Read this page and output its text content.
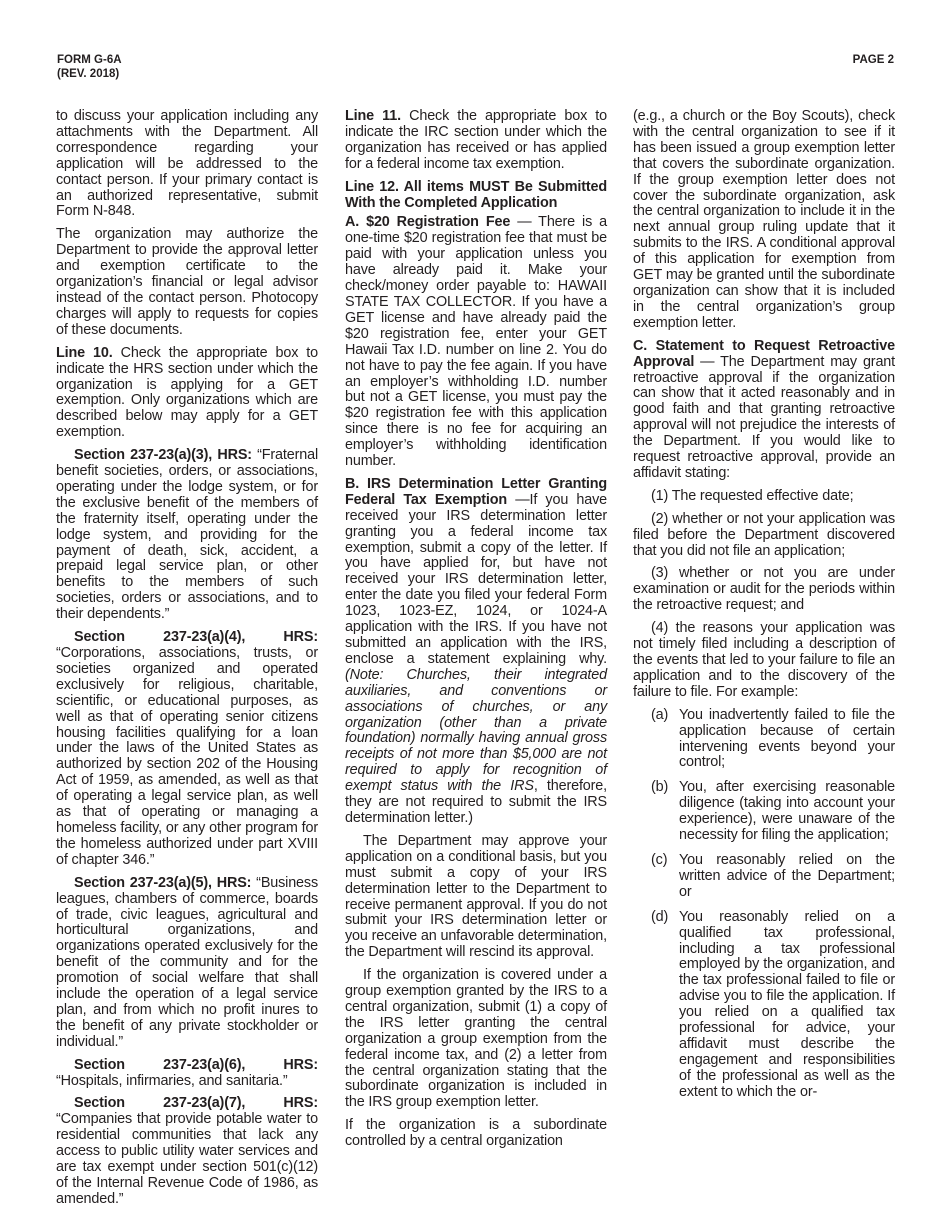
FORM G-6A
(REV. 2018)
PAGE 2

to discuss your application including any attachments with the Department. All correspondence regarding your application will be addressed to the contact person. If your primary contact is an authorized representative, submit Form N-848.

The organization may authorize the Department to provide the approval letter and exemption certificate to the organization’s financial or legal advisor instead of the contact person. Photocopy charges will apply to requests for copies of these documents.

Line 10. Check the appropriate box to indicate the HRS section under which the organization is applying for a GET exemption. Only organizations which are described below may apply for a GET exemption.

Section 237-23(a)(3), HRS: “Fraternal benefit societies, orders, or associations, operating under the lodge system, or for the exclusive benefit of the members of the fraternity itself, operating under the lodge system, and providing for the payment of death, sick, accident, a prepaid legal service plan, or other benefits to the members of such societies, orders or associations, and to their dependents.”

Section 237-23(a)(4), HRS: “Corporations, associations, trusts, or societies organized and operated exclusively for religious, charitable, scientific, or educational purposes, as well as that of operating senior citizens housing facilities qualifying for a loan under the laws of the United States as authorized by section 202 of the Housing Act of 1959, as amended, as well as that of operating a legal service plan, as well as that of operating or managing a homeless facility, or any other program for the homeless authorized under part XVIII of chapter 346.”

Section 237-23(a)(5), HRS: “Business leagues, chambers of commerce, boards of trade, civic leagues, agricultural and horticultural organizations, and organizations operated exclusively for the benefit of the community and for the promotion of social welfare that shall include the operation of a legal service plan, and from which no profit inures to the benefit of any private stockholder or individual.”

Section 237-23(a)(6), HRS: “Hospitals, infirmaries, and sanitaria.”

Section 237-23(a)(7), HRS: “Companies that provide potable water to residential communities that lack any access to public utility water services and are tax exempt under section 501(c)(12) of the Internal Revenue Code of 1986, as amended.”

Line 11. Check the appropriate box to indicate the IRC section under which the organization has received or has applied for a federal income tax exemption.

Line 12. All items MUST Be Submitted With the Completed Application

A. $20 Registration Fee — There is a one-time $20 registration fee that must be paid with your application unless you have already paid it. Make your check/money order payable to: HAWAII STATE TAX COLLECTOR. If you have a GET license and have already paid the $20 registration fee, enter your GET Hawaii Tax I.D. number on line 2. You do not have to pay the fee again. If you have an employer’s withholding I.D. number but not a GET license, you must pay the $20 registration fee with this application since there is no fee for acquiring an employer’s withholding identification number.

B. IRS Determination Letter Granting Federal Tax Exemption —If you have received your IRS determination letter granting you a federal income tax exemption, submit a copy of the letter. If you have applied for, but have not received your IRS determination letter, enter the date you filed your federal Form 1023, 1023-EZ, 1024, or 1024-A application with the IRS. If you have not submitted an application with the IRS, enclose a statement explaining why. (Note: Churches, their integrated auxiliaries, and conventions or associations of churches, or any organization (other than a private foundation) normally having annual gross receipts of not more than $5,000 are not required to apply for recognition of exempt status with the IRS, therefore, they are not required to submit the IRS determination letter.)

The Department may approve your application on a conditional basis, but you must submit a copy of your IRS determination letter to the Department to receive permanent approval. If you do not submit your IRS determination letter or you receive an unfavorable determination, the Department will rescind its approval.

If the organization is covered under a group exemption granted by the IRS to a central organization, submit (1) a copy of the IRS letter granting the central organization a group exemption from the federal income tax, and (2) a letter from the central organization stating that the subordinate organization is included in the IRS group exemption letter.

If the organization is a subordinate controlled by a central organization

(e.g., a church or the Boy Scouts), check with the central organization to see if it has been issued a group exemption letter that covers the subordinate organization. If the group exemption letter does not cover the subordinate organization, ask the central organization to include it in the next annual group ruling update that it submits to the IRS. A conditional approval of this application for exemption from GET may be granted until the subordinate organization can show that it is included in the central organization’s group exemption letter.

C. Statement to Request Retroactive Approval — The Department may grant retroactive approval if the organization can show that it acted reasonably and in good faith and that granting retroactive approval will not prejudice the interests of the Department. If you would like to request retroactive approval, provide an affidavit stating:

(1) The requested effective date;

(2) whether or not your application was filed before the Department discovered that you did not file an application;

(3) whether or not you are under examination or audit for the periods within the retroactive request; and

(4) the reasons your application was not timely filed including a description of the events that led to your failure to file an application and to the discovery of the failure to file. For example:

(a) You inadvertently failed to file the application because of certain intervening events beyond your control;
(b) You, after exercising reasonable diligence (taking into account your experience), were unaware of the necessity for filing the application;
(c) You reasonably relied on the written advice of the Department; or
(d) You reasonably relied on a qualified tax professional, including a tax professional employed by the organization, and the tax professional failed to file or advise you to file the application. If you relied on a qualified tax professional for advice, your affidavit must describe the engagement and responsibilities of the professional as well as the extent to which the or-
